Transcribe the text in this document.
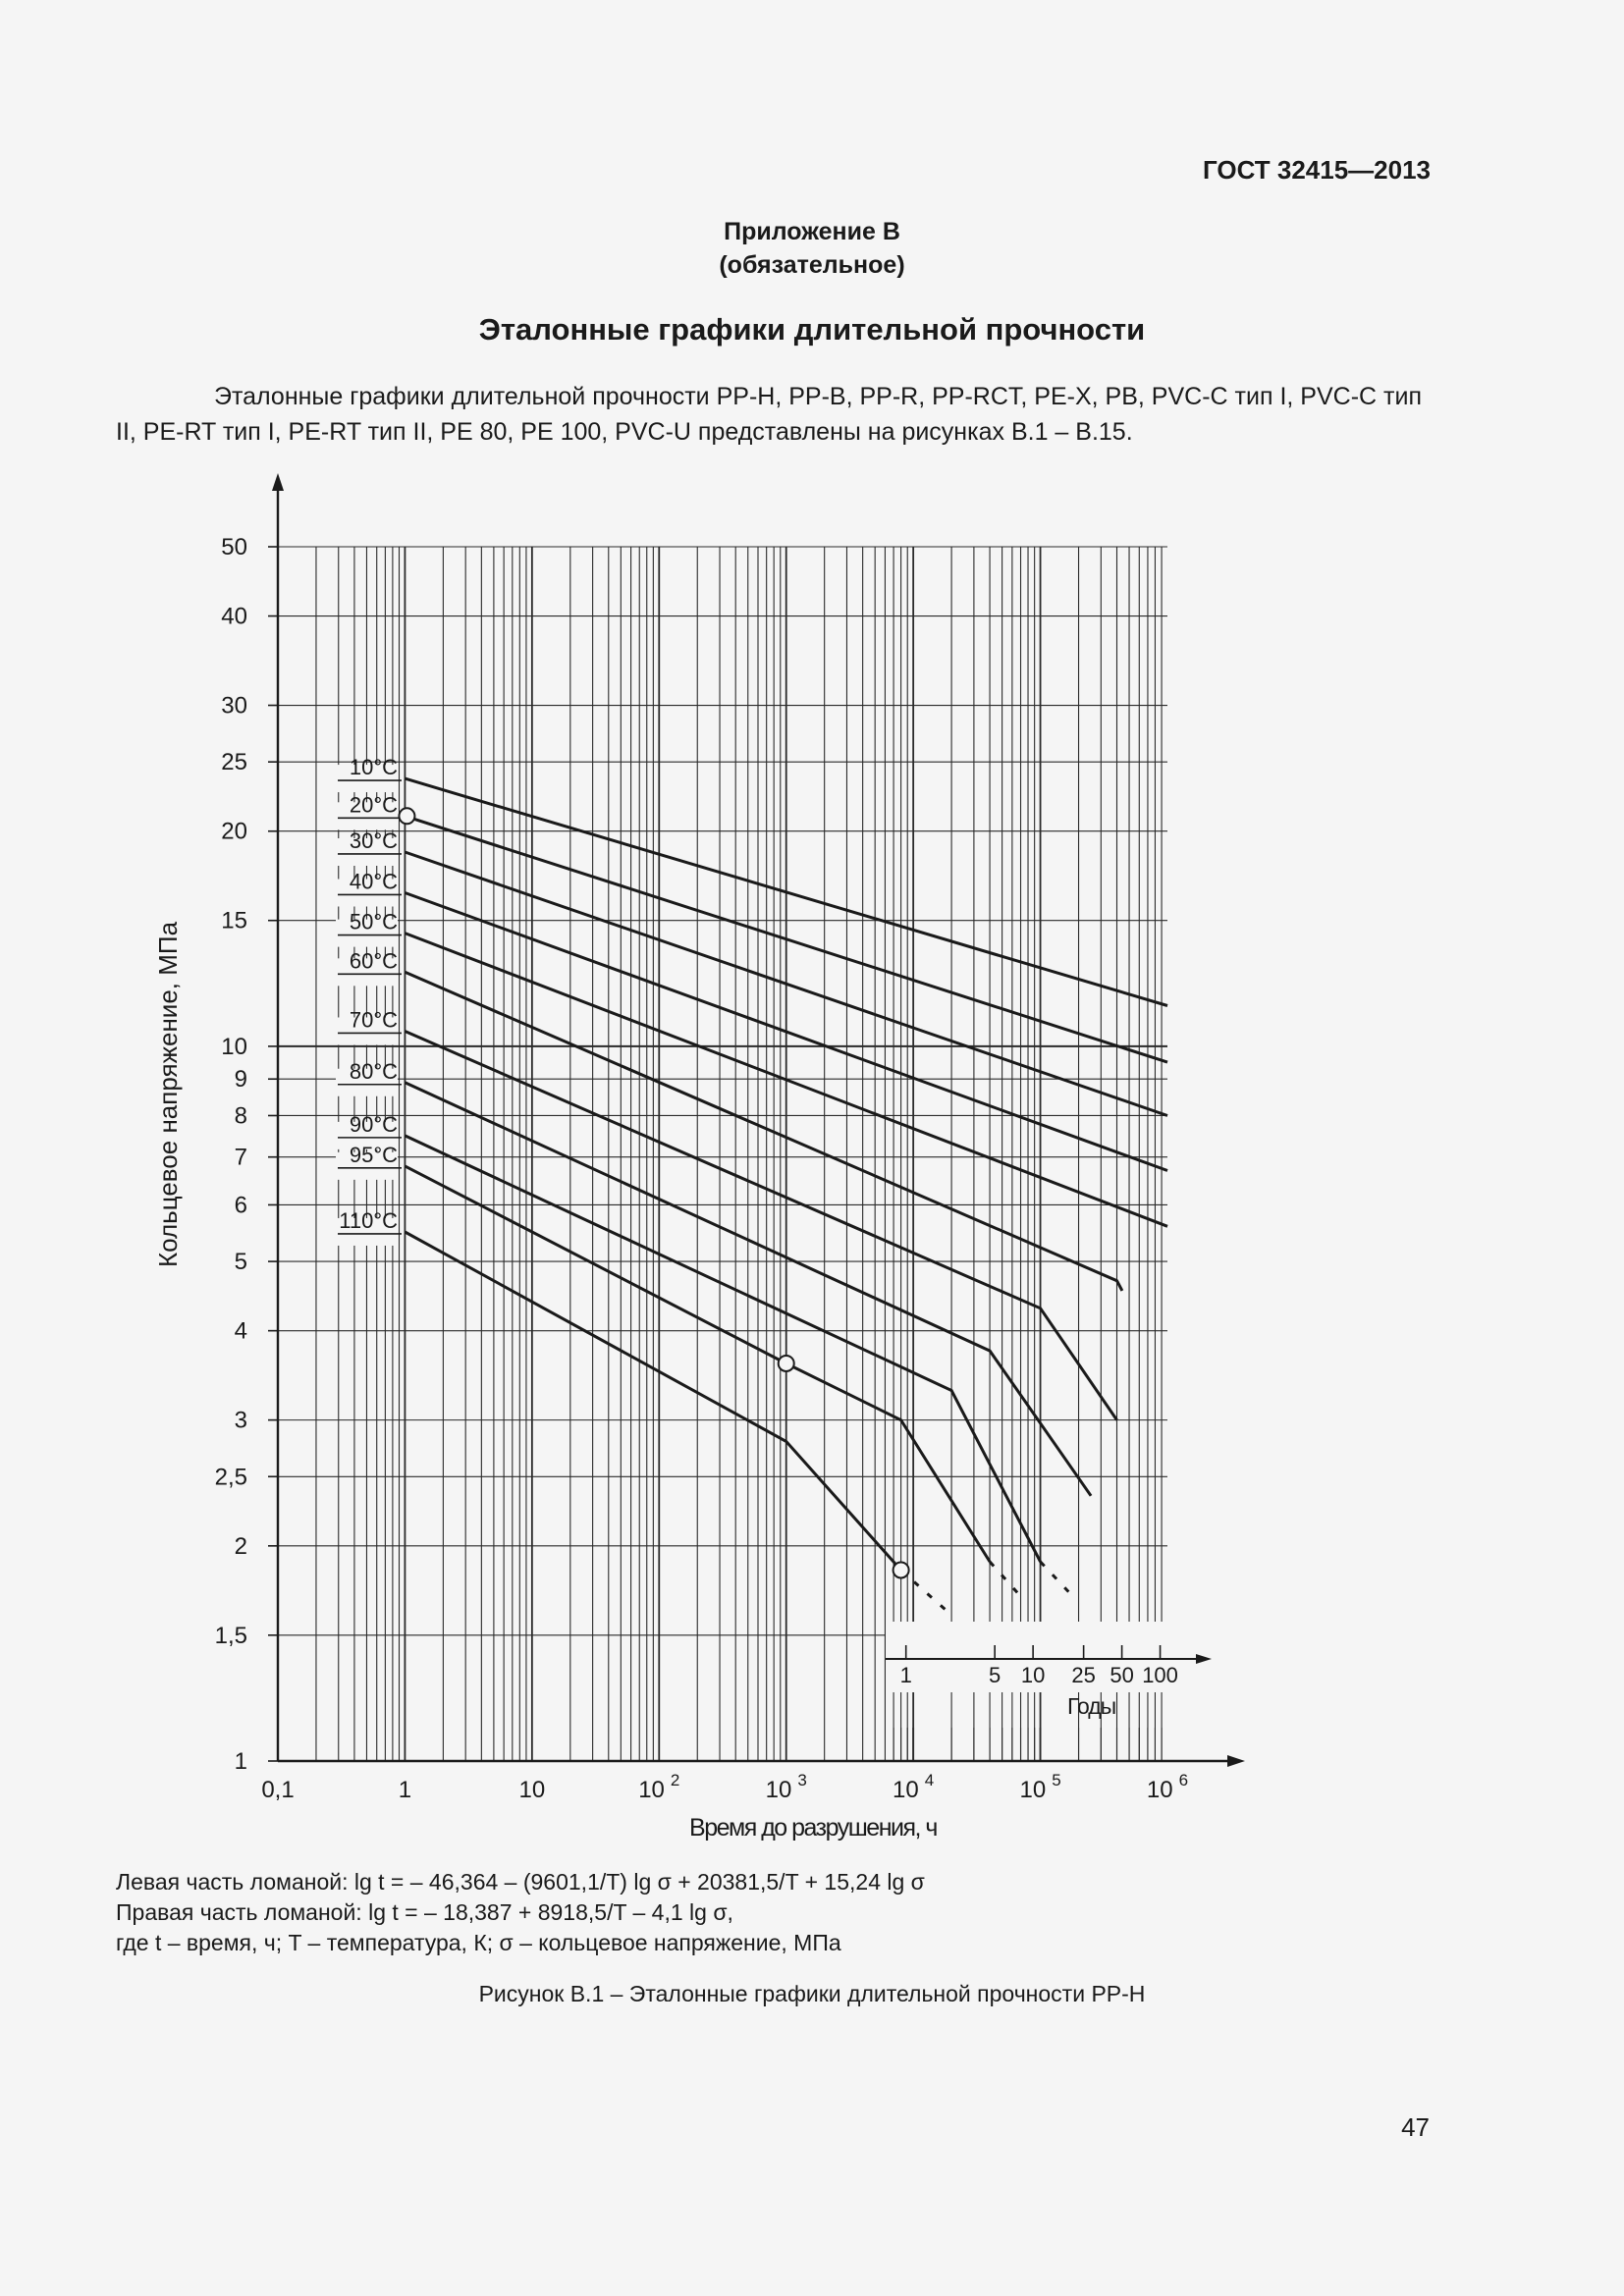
ГОСТ 32415—2013
Приложение В
(обязательное)
Эталонные графики длительной прочности
Эталонные графики длительной прочности PP-H, PP-B, PP-R, PP-RCT, PE-X, PB, PVC-C тип I, PVC-C тип II, PE-RT тип I, PE-RT тип II, PE 80, PE 100, PVC-U представлены на рисунках В.1 – В.15.
1	5 10 25 50 100
Годы
10°C
20°C
30°C
40°C
50°C
60°C
70°C
80°C
90°C
95°C
110°C
1
1,5
2
2,5
3
4
5
6
7
8
9
10
15
20
25
30
40
50
0,1	1	10	10 $^2$	10 $^3$	10 $^4$	10 $^5$	10 $^6$
Кольцевое напряжение, МПа
Время до разрушения, ч
Левая часть ломаной: lg t = – 46,364 – (9601,1/T) lg σ + 20381,5/T + 15,24 lg σ
Правая часть ломаной: lg t = – 18,387 + 8918,5/T – 4,1 lg σ,
где t – время, ч; T – температура, К; σ – кольцевое напряжение, МПа
Рисунок В.1 – Эталонные графики длительной прочности PP-H
47
